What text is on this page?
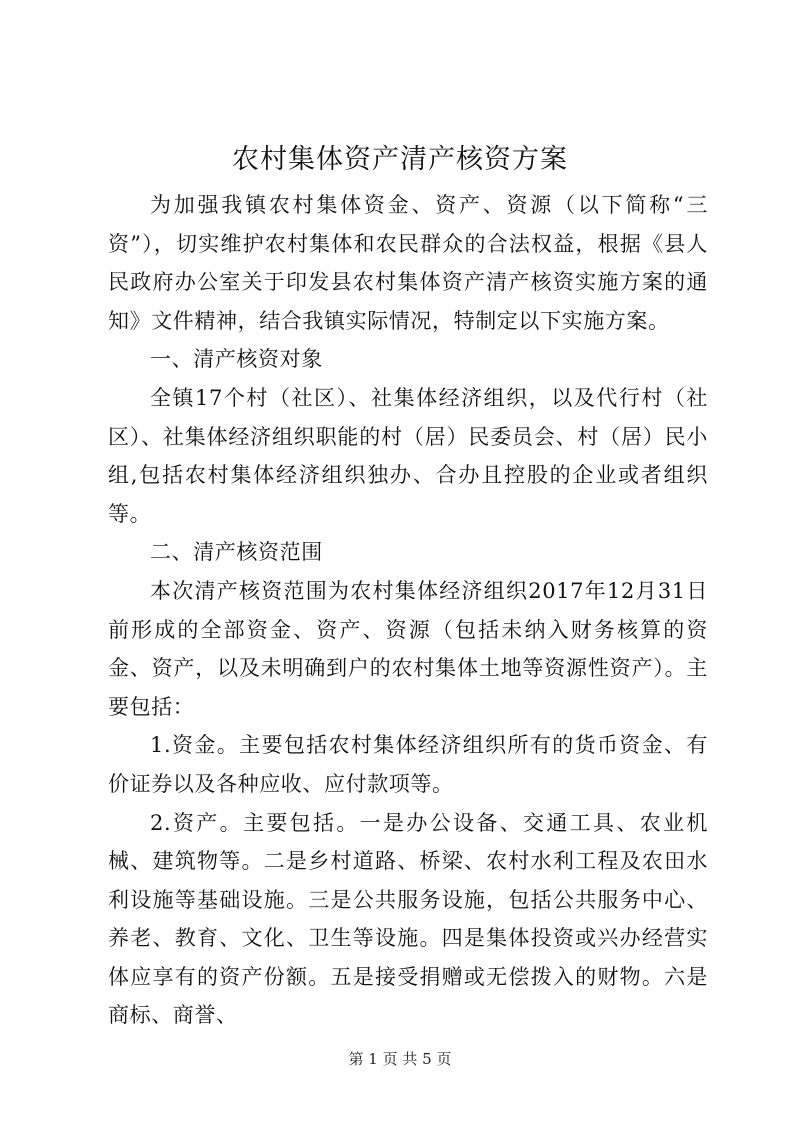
农村集体资产清产核资方案

为加强我镇农村集体资金、资产、资源（以下简称“三资”），切实维护农村集体和农民群众的合法权益，根据《县人民政府办公室关于印发县农村集体资产清产核资实施方案的通知》文件精神，结合我镇实际情况，特制定以下实施方案。

一、清产核资对象

全镇17个村（社区）、社集体经济组织，以及代行村（社区）、社集体经济组织职能的村（居）民委员会、村（居）民小组,包括农村集体经济组织独办、合办且控股的企业或者组织等。

二、清产核资范围

本次清产核资范围为农村集体经济组织2017年12月31日前形成的全部资金、资产、资源（包括未纳入财务核算的资金、资产，以及未明确到户的农村集体土地等资源性资产）。主要包括：

1.资金。主要包括农村集体经济组织所有的货币资金、有价证券以及各种应收、应付款项等。

2.资产。主要包括。一是办公设备、交通工具、农业机械、建筑物等。二是乡村道路、桥梁、农村水利工程及农田水利设施等基础设施。三是公共服务设施，包括公共服务中心、养老、教育、文化、卫生等设施。四是集体投资或兴办经营实体应享有的资产份额。五是接受捐赠或无偿拨入的财物。六是商标、商誉、

第 1 页 共 5 页
